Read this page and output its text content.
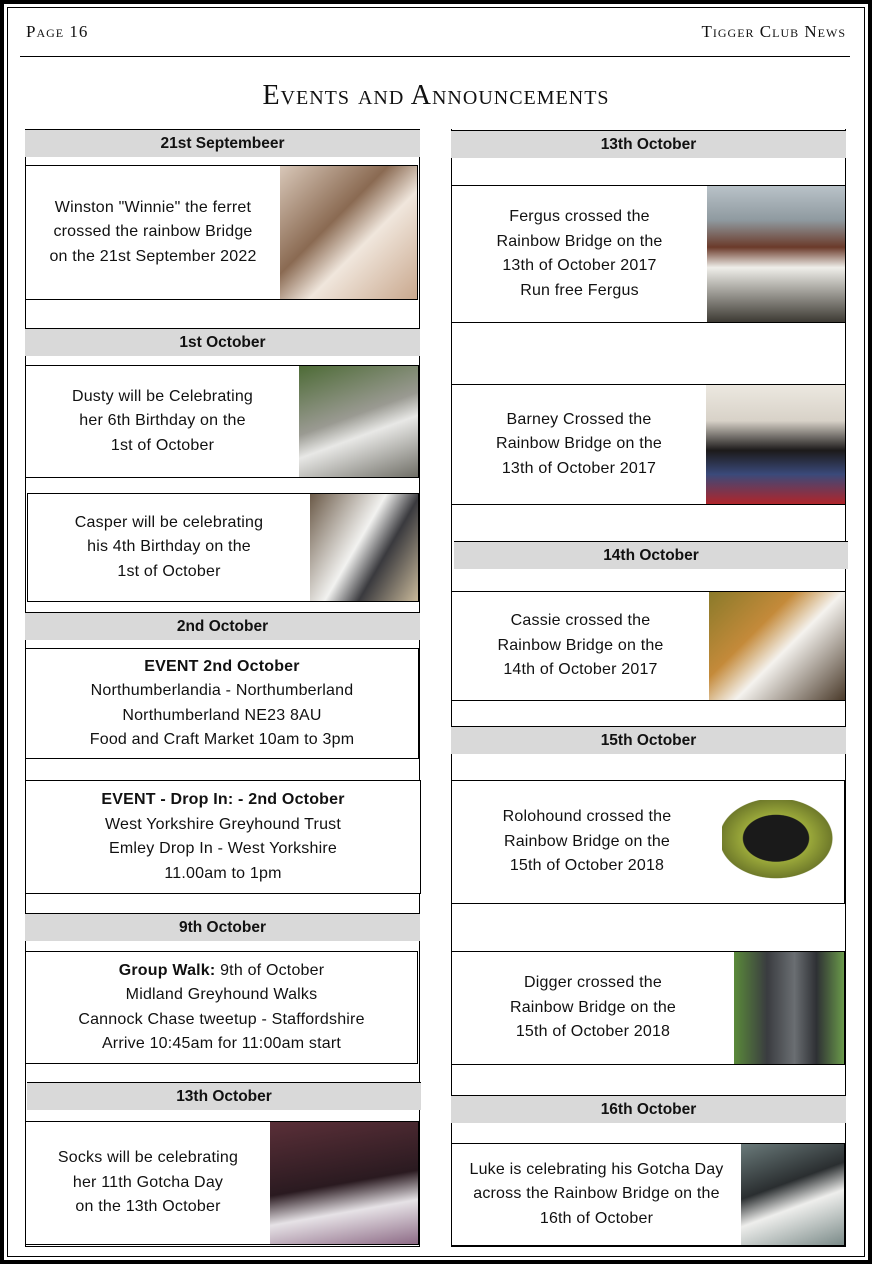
Page 16	Tigger Club News
Events and Announcements
21st Septembeer
Winston "Winnie" the ferret
crossed the rainbow Bridge
on the 21st September 2022
1st October
Dusty will be Celebrating
her 6th Birthday on the
1st of October
Casper will be celebrating
his 4th Birthday on the
1st of October
2nd October
EVENT 2nd October
Northumberlandia - Northumberland
Northumberland NE23 8AU
Food and Craft Market 10am to 3pm
EVENT - Drop In: - 2nd October
West Yorkshire Greyhound Trust
Emley Drop In - West Yorkshire
11.00am to 1pm
9th October
Group Walk: 9th of October
Midland Greyhound Walks
Cannock Chase tweetup - Staffordshire
Arrive 10:45am for 11:00am start
13th October
Socks will be celebrating
her 11th Gotcha Day
on the 13th October
13th October
Fergus crossed the
Rainbow Bridge on the
13th of October 2017
Run free Fergus
Barney Crossed the
Rainbow Bridge on the
13th of October 2017
14th October
Cassie crossed the
Rainbow Bridge on the
14th of October 2017
15th October
Rolohound crossed the
Rainbow Bridge on the
15th of October 2018
Digger crossed the
Rainbow Bridge on the
15th of October 2018
16th October
Luke is celebrating his Gotcha Day
across the Rainbow Bridge on the
16th of October
